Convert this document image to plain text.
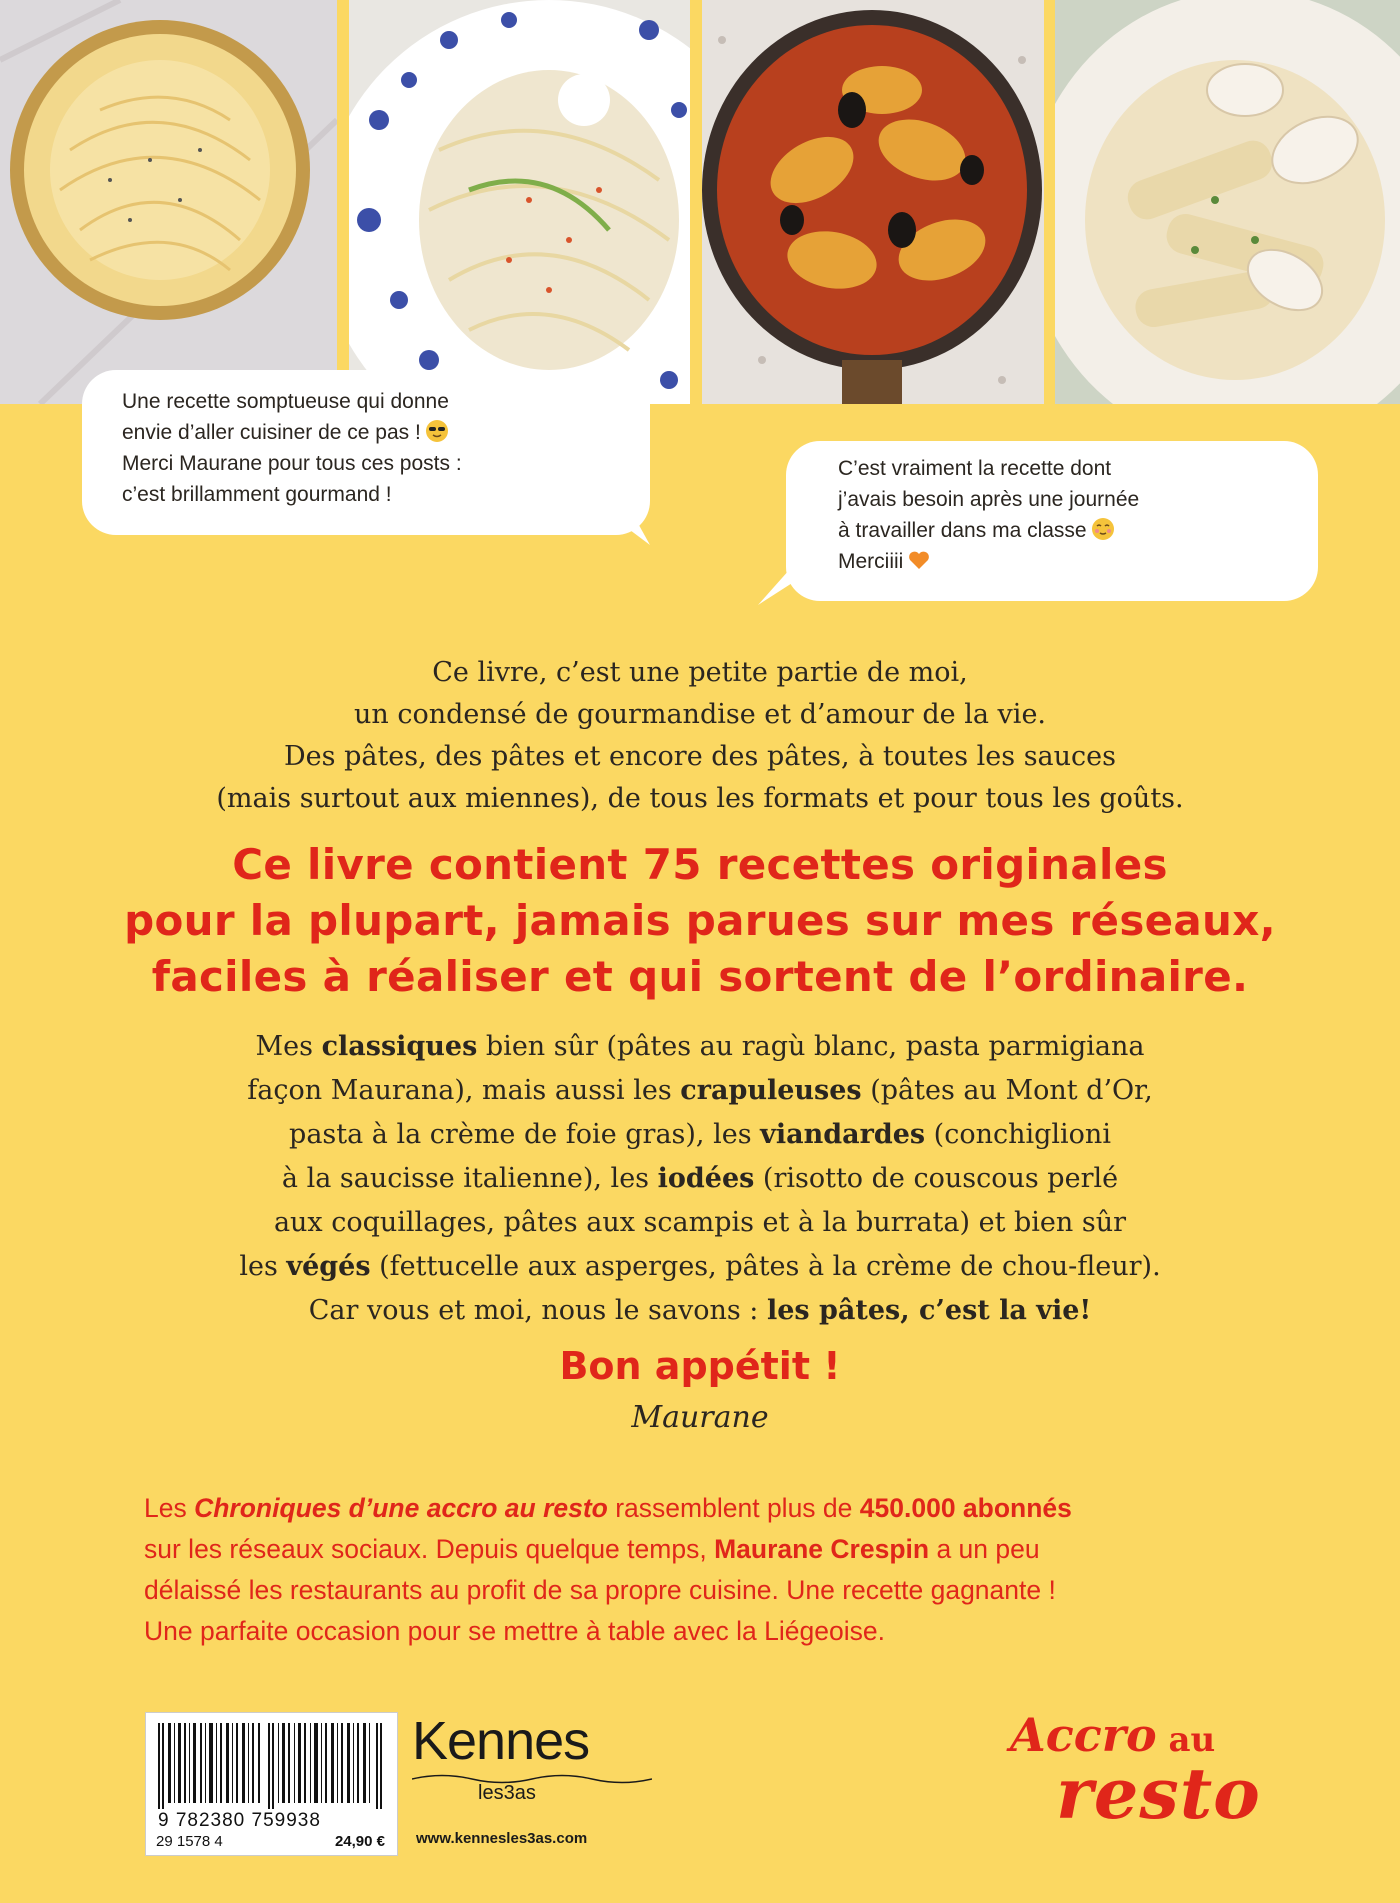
Une recette somptueuse qui donne
envie d’aller cuisiner de ce pas !
Merci Maurane pour tous ces posts :
c’est brillamment gourmand !
C’est vraiment la recette dont
j’avais besoin après une journée
à travailler dans ma classe
Merciiii
Ce livre, c’est une petite partie de moi,
un condensé de gourmandise et d’amour de la vie.
Des pâtes, des pâtes et encore des pâtes, à toutes les sauces
(mais surtout aux miennes), de tous les formats et pour tous les goûts.
Ce livre contient 75 recettes originales
pour la plupart, jamais parues sur mes réseaux,
faciles à réaliser et qui sortent de l’ordinaire.
Mes classiques bien sûr (pâtes au ragù blanc, pasta parmigiana
façon Maurana), mais aussi les crapuleuses (pâtes au Mont d’Or,
pasta à la crème de foie gras), les viandardes (conchiglioni
à la saucisse italienne), les iodées (risotto de couscous perlé
aux coquillages, pâtes aux scampis et à la burrata) et bien sûr
les végés (fettucelle aux asperges, pâtes à la crème de chou-fleur).
Car vous et moi, nous le savons : les pâtes, c’est la vie!
Bon appétit !
Maurane
Les Chroniques d’une accro au resto rassemblent plus de 450.000 abonnés
sur les réseaux sociaux. Depuis quelque temps, Maurane Crespin a un peu
délaissé les restaurants au profit de sa propre cuisine. Une recette gagnante !
Une parfaite occasion pour se mettre à table avec la Liégeoise.
9 782380 759938
29 1578 4	24,90 €
Kennes
les3as
www.kennesles3as.com
Accro au
resto
